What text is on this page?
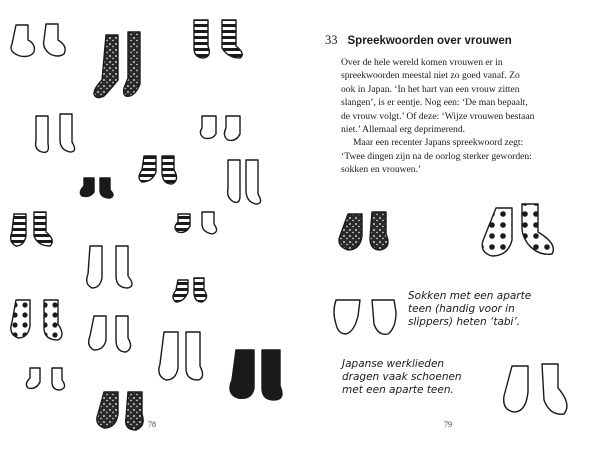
78
33 Spreekwoorden over vrouwen
Over de hele wereld komen vrouwen er in
spreekwoorden meestal niet zo goed vanaf. Zo
ook in Japan. ‘In het hart van een vrouw zitten
slangen’, is er eentje. Nog een: ‘De man bepaalt,
de vrouw volgt.’ Of deze: ‘Wijze vrouwen bestaan
niet.’ Allemaal erg deprimerend.
Maar een recenter Japans spreekwoord zegt:
‘Twee dingen zijn na de oorlog sterker geworden:
sokken en vrouwen.’
Sokken met een aparte
teen (handig voor in
slippers) heten ‘tabi’.
Japanse werklieden
dragen vaak schoenen
met een aparte teen.
79
